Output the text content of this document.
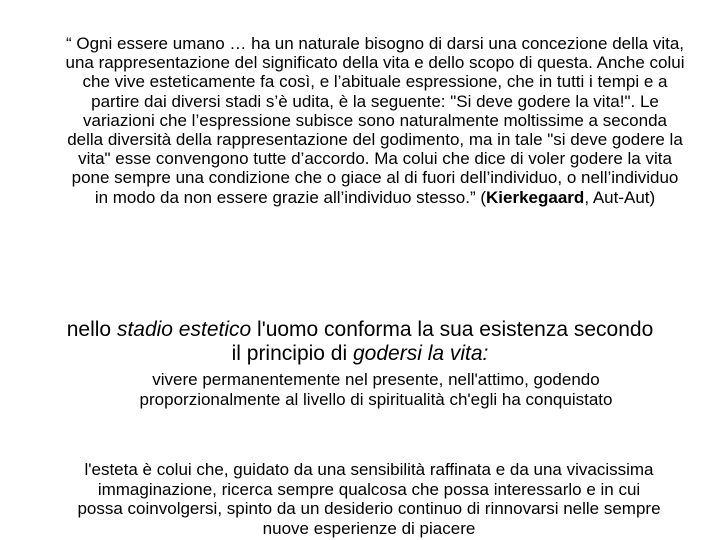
“ Ogni essere umano … ha un naturale bisogno di darsi una concezione della vita, una rappresentazione del significato della vita e dello scopo di questa. Anche colui che vive esteticamente fa così, e l’abituale espressione, che in tutti i tempi e a partire dai diversi stadi s’è udita, è la seguente: "Si deve godere la vita!". Le variazioni che l’espressione subisce sono naturalmente moltissime a seconda della diversità della rappresentazione del godimento, ma in tale "si deve godere la vita" esse convengono tutte d’accordo. Ma colui che dice di voler godere la vita pone sempre una condizione che o giace al di fuori dell’individuo, o nell’individuo in modo da non essere grazie all’individuo stesso.” (Kierkegaard, Aut-Aut)
nello stadio estetico l'uomo conforma la sua esistenza secondo il principio di godersi la vita:
vivere permanentemente nel presente, nell'attimo, godendo proporzionalmente al livello di spiritualità ch'egli ha conquistato
l'esteta è colui che, guidato da una sensibilità raffinata e da una vivacissima immaginazione, ricerca sempre qualcosa che possa interessarlo e in cui possa coinvolgersi, spinto da un desiderio continuo di rinnovarsi nelle sempre nuove esperienze di piacere
